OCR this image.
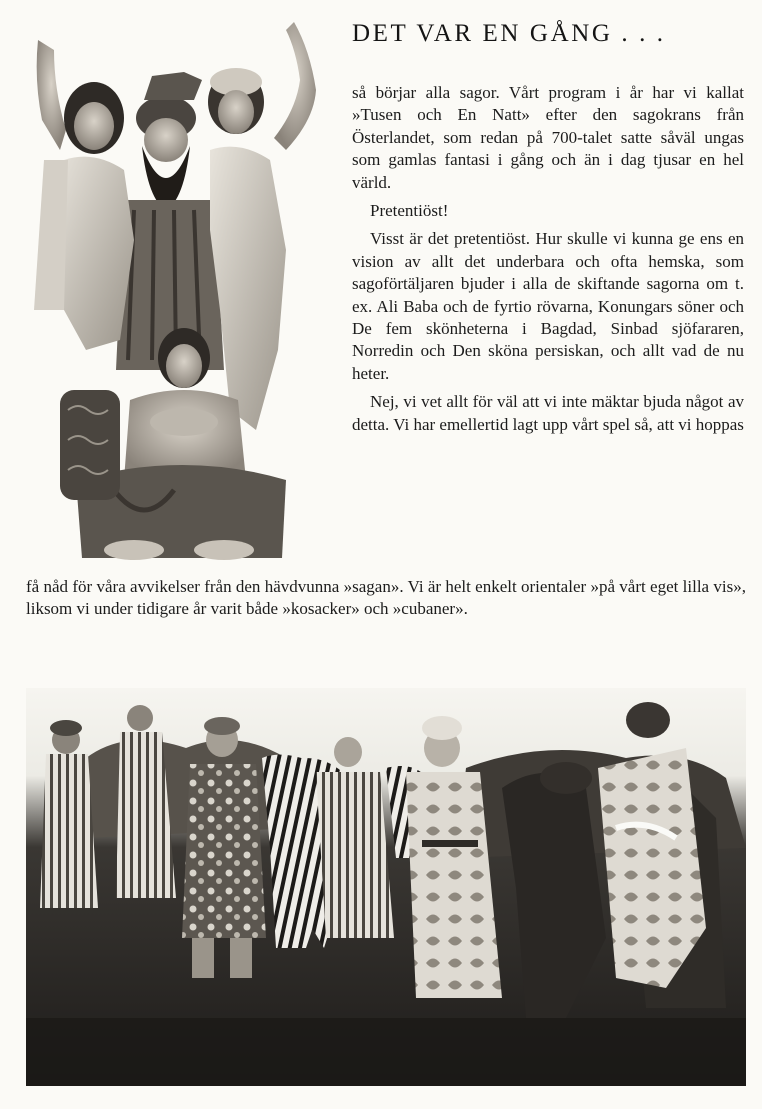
DET VAR EN GÅNG . . .

så börjar alla sagor. Vårt program i år har vi kallat »Tusen och En Natt» efter den sagokrans från Österlandet, som redan på 700-talet satte såväl ungas som gamlas fantasi i gång och än i dag tjusar en hel värld.

Pretentiöst!

Visst är det pretentiöst. Hur skulle vi kunna ge ens en vision av allt det underbara och ofta hemska, som sagoförtäljaren bjuder i alla de skiftande sagorna om t. ex. Ali Baba och de fyrtio rövarna, Konungars söner och De fem skönheterna i Bagdad, Sinbad sjöfararen, Norredin och Den sköna persiskan, och allt vad de nu heter.

Nej, vi vet allt för väl att vi inte mäktar bjuda något av detta. Vi har emellertid lagt upp vårt spel så, att vi hoppas

få nåd för våra avvikelser från den hävdvunna »sagan». Vi är helt enkelt orientaler »på vårt eget lilla vis», liksom vi under tidigare år varit både »kosacker» och »cubaner».
